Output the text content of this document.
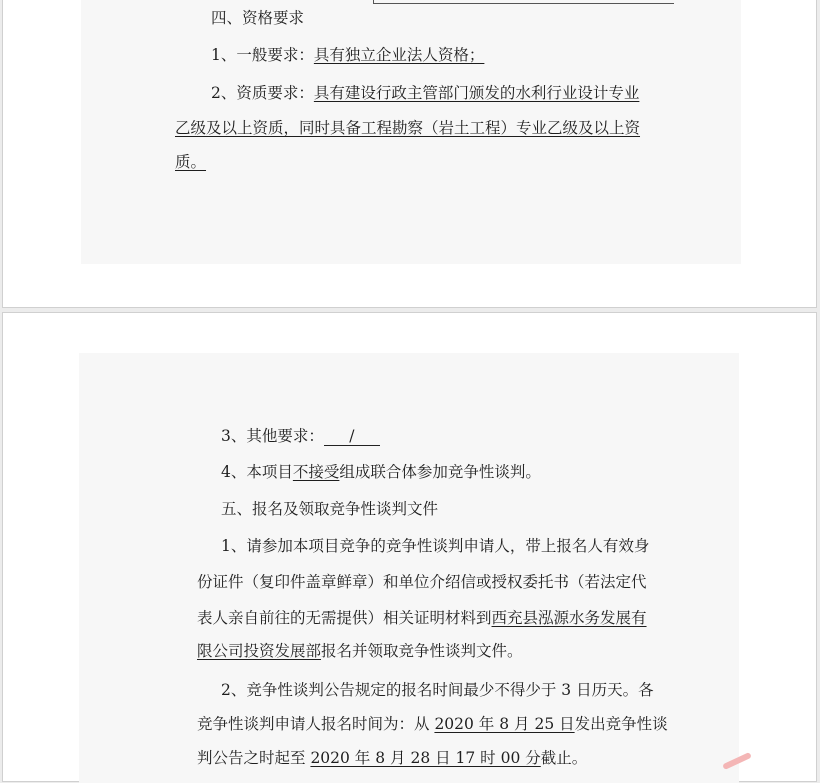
四、资格要求
1、一般要求：具有独立企业法人资格；
2、资质要求：具有建设行政主管部门颁发的水利行业设计专业
乙级及以上资质，同时具备工程勘察（岩土工程）专业乙级及以上资
质。
3、其他要求： /
4、本项目不接受组成联合体参加竞争性谈判。
五、报名及领取竞争性谈判文件
1、请参加本项目竞争的竞争性谈判申请人，带上报名人有效身
份证件（复印件盖章鲜章）和单位介绍信或授权委托书（若法定代
表人亲自前往的无需提供）相关证明材料到西充县泓源水务发展有
限公司投资发展部报名并领取竞争性谈判文件。
2、竞争性谈判公告规定的报名时间最少不得少于 3 日历天。各
竞争性谈判申请人报名时间为：从 2020 年 8 月 25 日发出竞争性谈
判公告之时起至 2020 年 8 月 28 日 17 时 00 分截止。
